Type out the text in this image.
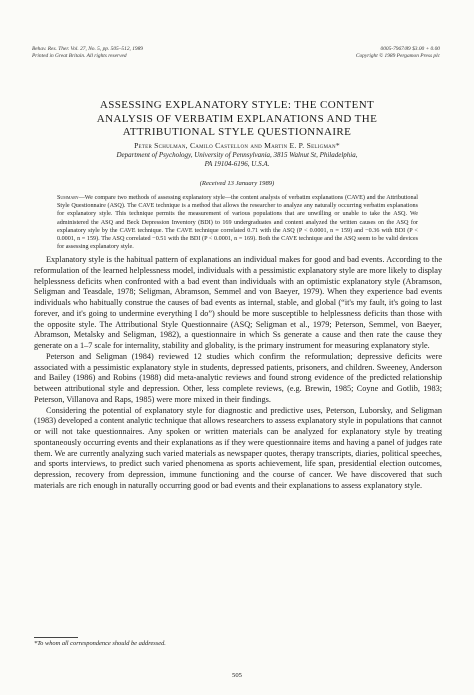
Behav. Res. Ther. Vol. 27, No. 5, pp. 505–512, 1989
Printed in Great Britain. All rights reserved
0005-7967/89 $3.00 + 0.00
Copyright © 1989 Pergamon Press plc
ASSESSING EXPLANATORY STYLE: THE CONTENT
ANALYSIS OF VERBATIM EXPLANATIONS AND THE
ATTRIBUTIONAL STYLE QUESTIONNAIRE
Peter Schulman, Camilo Castellon and Martin E. P. Seligman*
Department of Psychology, University of Pennsylvania, 3815 Walnut St, Philadelphia,
PA 19104-6196, U.S.A.
(Received 13 January 1989)
Summary—We compare two methods of assessing explanatory style—the content analysis of verbatim explanations (CAVE) and the Attributional Style Questionnaire (ASQ). The CAVE technique is a method that allows the researcher to analyze any naturally occurring verbatim explanations for explanatory style. This technique permits the measurement of various populations that are unwilling or unable to take the ASQ. We administered the ASQ and Beck Depression Inventory (BDI) to 169 undergraduates and content analyzed the written causes on the ASQ for explanatory style by the CAVE technique. The CAVE technique correlated 0.71 with the ASQ (P < 0.0001, n = 159) and −0.36 with BDI (P < 0.0001, n = 159). The ASQ correlated −0.51 with the BDI (P < 0.0001, n = 169). Both the CAVE technique and the ASQ seem to be valid devices for assessing explanatory style.

Explanatory style is the habitual pattern of explanations an individual makes for good and bad events. According to the reformulation of the learned helplessness model, individuals with a pessimistic explanatory style are more likely to display helplessness deficits when confronted with a bad event than individuals with an optimistic explanatory style (Abramson, Seligman and Teasdale, 1978; Seligman, Abramson, Semmel and von Baeyer, 1979). When they experience bad events individuals who habitually construe the causes of bad events as internal, stable, and global (“it's my fault, it's going to last forever, and it's going to undermine everything I do”) should be more susceptible to helplessness deficits than those with the opposite style. The Attributional Style Questionnaire (ASQ; Seligman et al., 1979; Peterson, Semmel, von Baeyer, Abramson, Metalsky and Seligman, 1982), a questionnaire in which Ss generate a cause and then rate the cause they generate on a 1–7 scale for internality, stability and globality, is the primary instrument for measuring explanatory style.

Peterson and Seligman (1984) reviewed 12 studies which confirm the reformulation; depressive deficits were associated with a pessimistic explanatory style in students, depressed patients, prisoners, and children. Sweeney, Anderson and Bailey (1986) and Robins (1988) did meta-analytic reviews and found strong evidence of the predicted relationship between attributional style and depression. Other, less complete reviews, (e.g. Brewin, 1985; Coyne and Gotlib, 1983; Peterson, Villanova and Raps, 1985) were more mixed in their findings.

Considering the potential of explanatory style for diagnostic and predictive uses, Peterson, Luborsky, and Seligman (1983) developed a content analytic technique that allows researchers to assess explanatory style in populations that cannot or will not take questionnaires. Any spoken or written materials can be analyzed for explanatory style by treating spontaneously occurring events and their explanations as if they were questionnaire items and having a panel of judges rate them. We are currently analyzing such varied materials as newspaper quotes, therapy transcripts, diaries, political speeches, and sports interviews, to predict such varied phenomena as sports achievement, life span, presidential election outcomes, depression, recovery from depression, immune functioning and the course of cancer. We have discovered that such materials are rich enough in naturally occurring good or bad events and their explanations to assess explanatory style.

*To whom all correspondence should be addressed.
505
